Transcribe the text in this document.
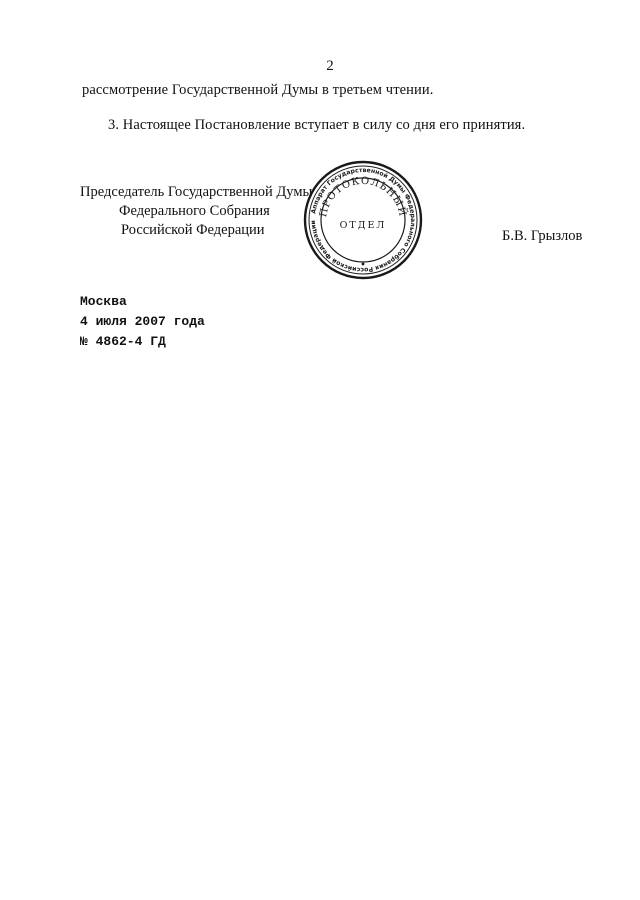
2
рассмотрение Государственной Думы в третьем чтении.
3. Настоящее Постановление вступает в силу со дня его принятия.
Председатель Государственной Думы
Федерального Собрания
Российской Федерации
Аппарат Государственной Думы Федерального Собрания Российской Федерации
ПРОТОКОЛЬНЫЙ
ОТДЕЛ
Б.В. Грызлов
Москва
4 июля 2007 года
№ 4862-4 ГД
